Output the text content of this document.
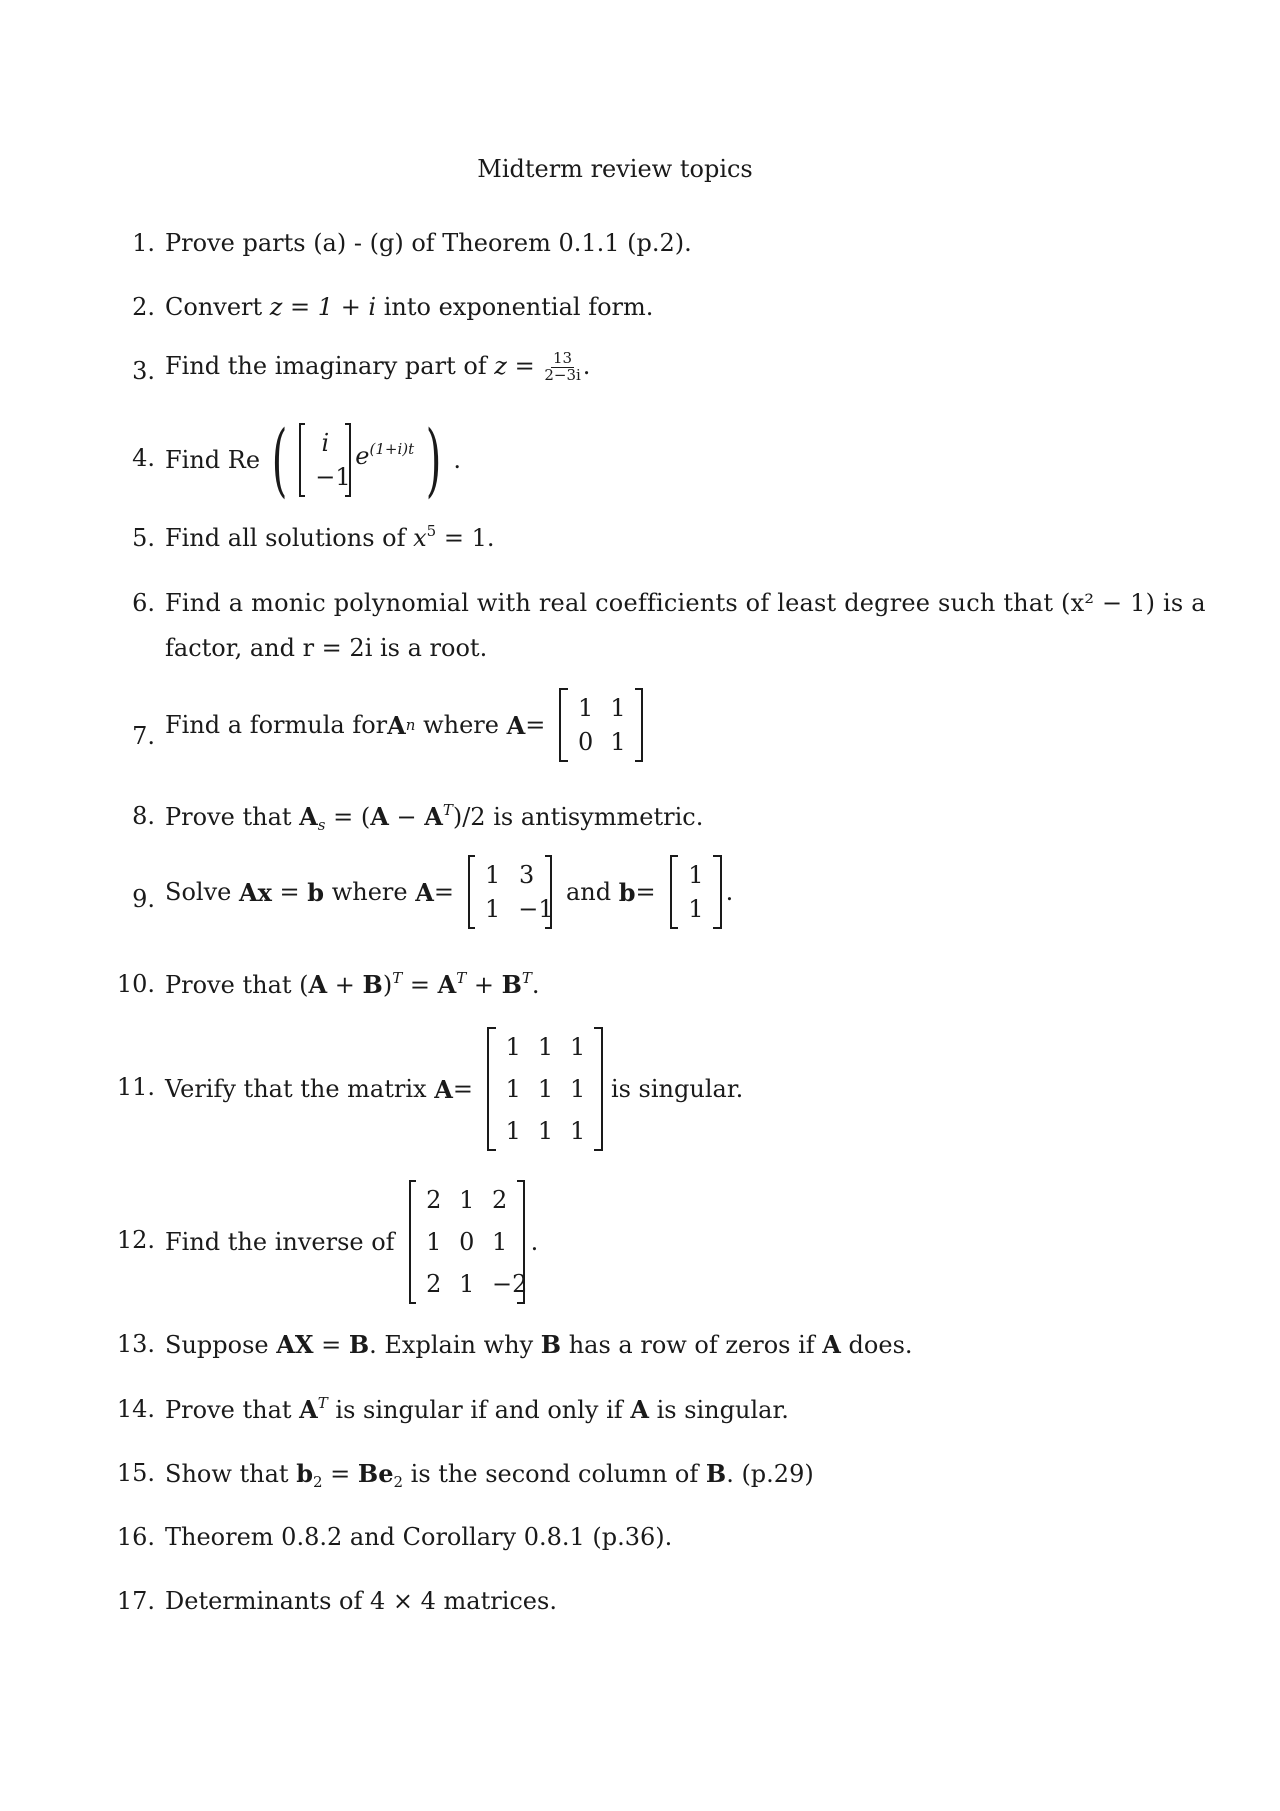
Midterm review topics
1. Prove parts (a) - (g) of Theorem 0.1.1 (p.2).
2. Convert z = 1 + i into exponential form.
3. Find the imaginary part of $z = \frac{13}{2-3i}$ .
4. Find Re ( i
−1
$e^{(1+i)t}$ ) .
5. Find all solutions of $x^5 = 1$.
6. Find a monic polynomial with real coefficients of least degree such that (x² − 1) is a
factor, and r = 2i is a root.
7. Find a formula for A n where A =
1 1
0 1
8. Prove that $A_s = (A - A^T)/2$ is antisymmetric.
9. Solve Ax = b where A =
1 3
1 −1
and b =
1
1
.
10. Prove that $(A + B)^T = A^T + B^T$.
11. Verify that the matrix A =
1 1 1
1 1 1
1 1 1
is singular.
12. Find the inverse of
2 1 2
1 0 1
2 1 −2
.
13. Suppose AX = B. Explain why B has a row of zeros if A does.
14. Prove that $A^T$ is singular if and only if A is singular.
15. Show that $b_2 = Be_2$ is the second column of B. (p.29)
16. Theorem 0.8.2 and Corollary 0.8.1 (p.36).
17. Determinants of 4 × 4 matrices.
